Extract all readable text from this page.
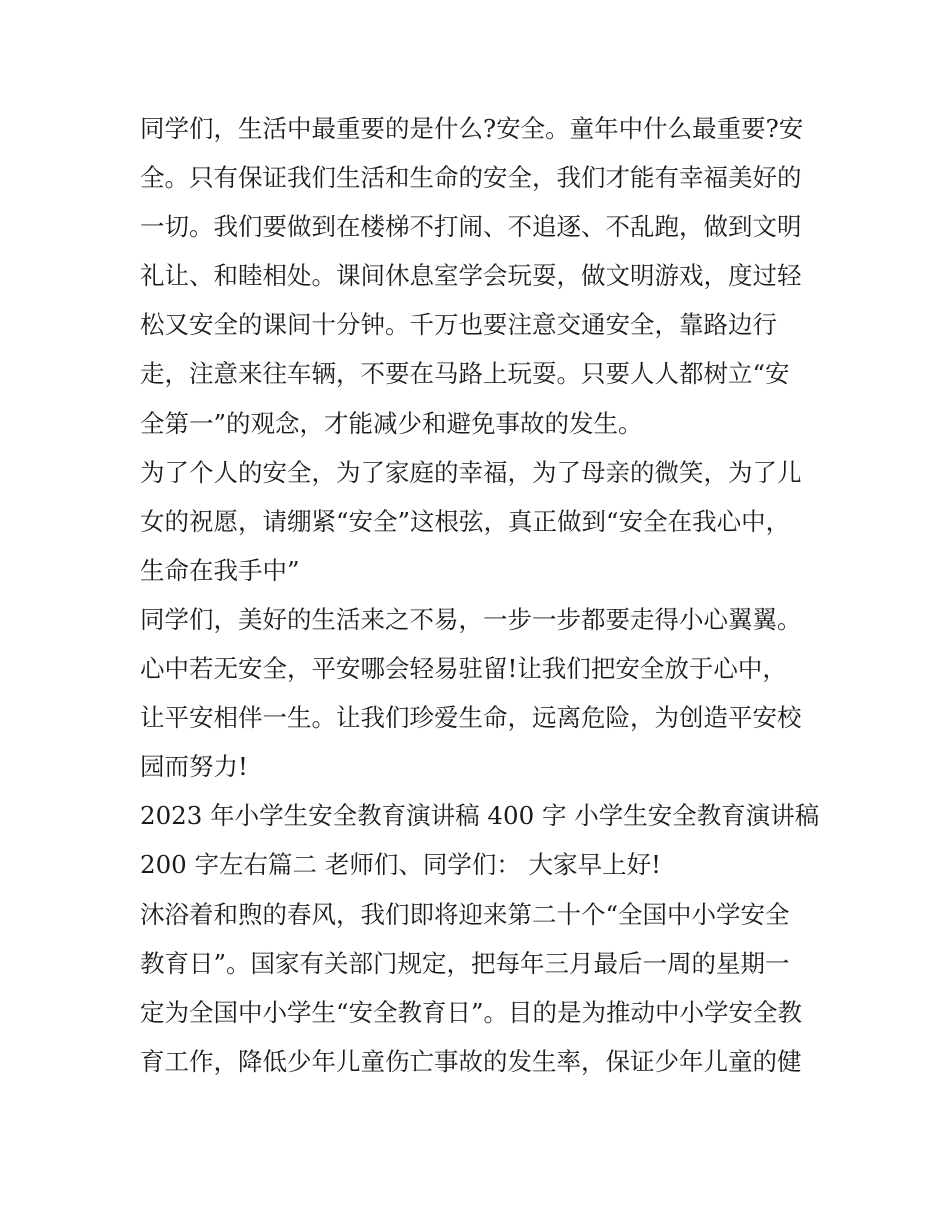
同学们，生活中最重要的是什么?安全。童年中什么最重要?安
全。只有保证我们生活和生命的安全，我们才能有幸福美好的
一切。我们要做到在楼梯不打闹、不追逐、不乱跑，做到文明
礼让、和睦相处。课间休息室学会玩耍，做文明游戏，度过轻
松又安全的课间十分钟。千万也要注意交通安全，靠路边行
走，注意来往车辆，不要在马路上玩耍。只要人人都树立“安
全第一”的观念，才能减少和避免事故的发生。
为了个人的安全，为了家庭的幸福，为了母亲的微笑，为了儿
女的祝愿，请绷紧“安全”这根弦，真正做到“安全在我心中，
生命在我手中”
同学们，美好的生活来之不易，一步一步都要走得小心翼翼。
心中若无安全，平安哪会轻易驻留!让我们把安全放于心中，
让平安相伴一生。让我们珍爱生命，远离危险，为创造平安校
园而努力!
2023 年小学生安全教育演讲稿 400 字 小学生安全教育演讲稿
200 字左右篇二 老师们、同学们： 大家早上好!
沐浴着和煦的春风，我们即将迎来第二十个“全国中小学安全
教育日”。国家有关部门规定，把每年三月最后一周的星期一
定为全国中小学生“安全教育日”。目的是为推动中小学安全教
育工作，降低少年儿童伤亡事故的发生率，保证少年儿童的健
